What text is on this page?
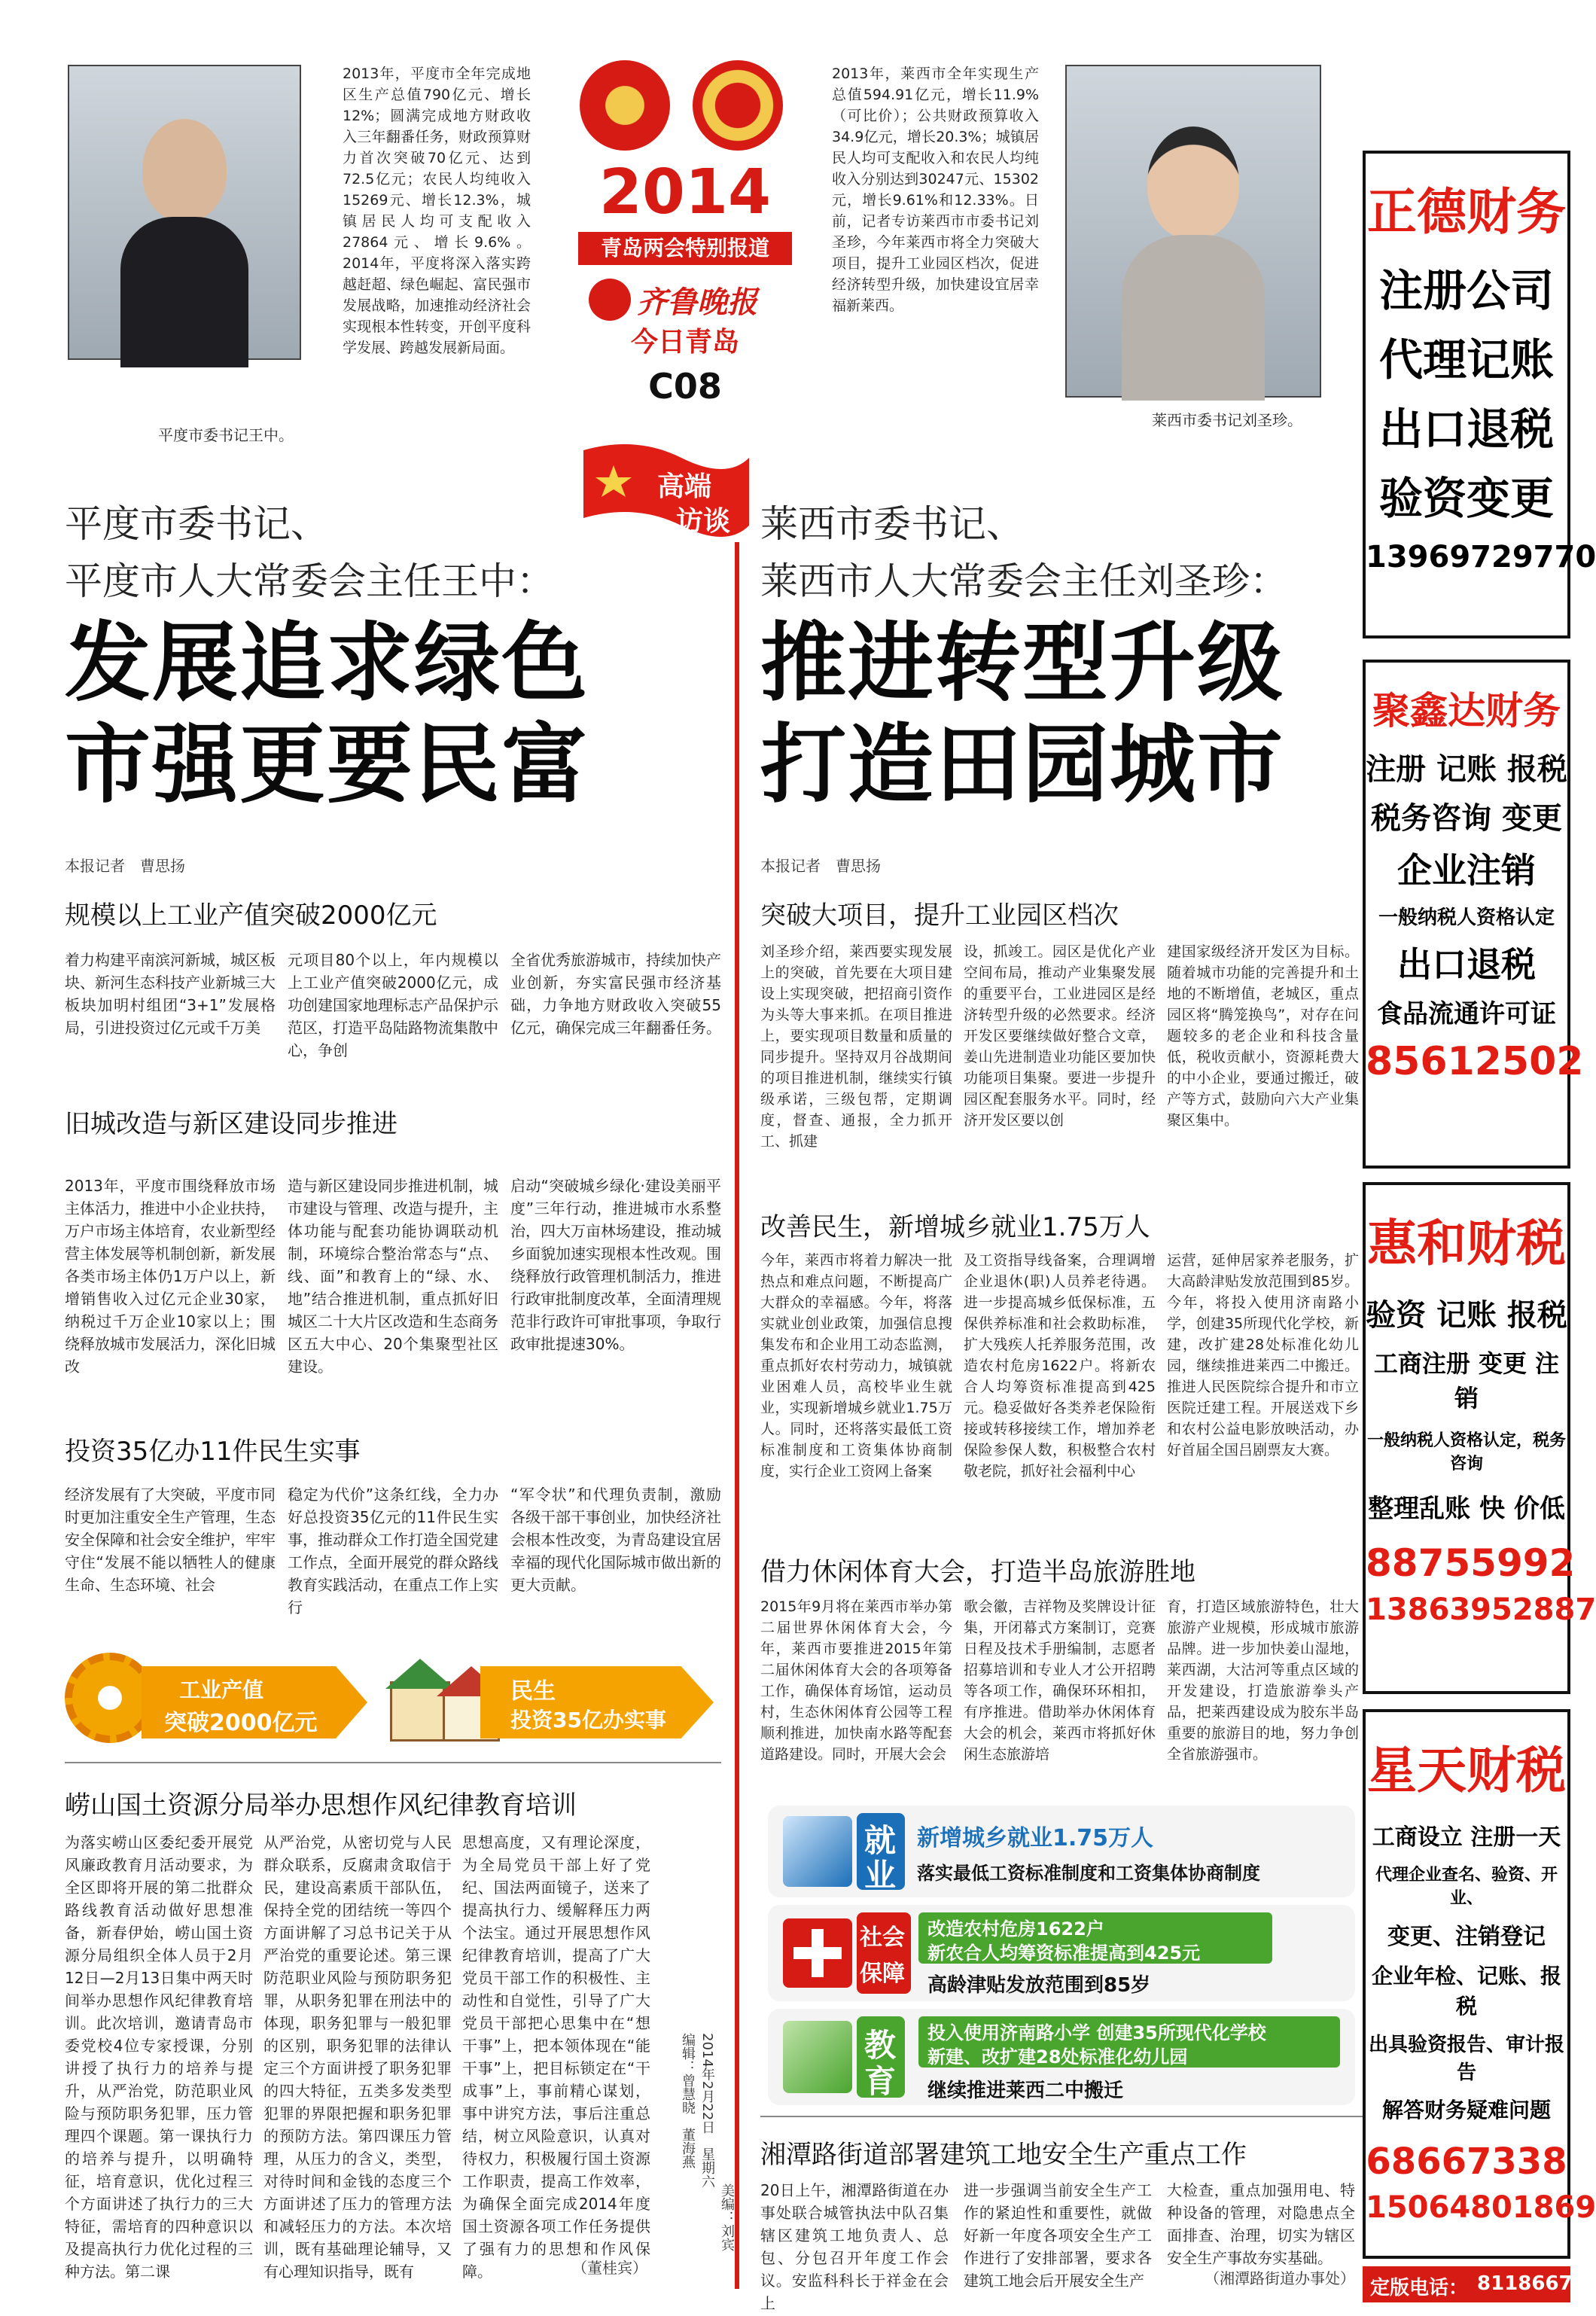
平度市委书记王中。
2013年，平度市全年完成地区生产总值790亿元、增长12%；圆满完成地方财政收入三年翻番任务，财政预算财力首次突破70亿元、达到72.5亿元；农民人均纯收入15269元、增长12.3%，城镇居民人均可支配收入27864元、增长9.6%。2014年，平度将深入落实跨越赶超、绿色崛起、富民强市发展战略，加速推动经济社会实现根本性转变，开创平度科学发展、跨越发展新局面。
2014
青岛两会特别报道
齐鲁晚报
今日青岛
C08
2013年，莱西市全年实现生产总值594.91亿元，增长11.9%（可比价）；公共财政预算收入34.9亿元，增长20.3%；城镇居民人均可支配收入和农民人均纯收入分别达到30247元、15302元，增长9.61%和12.33%。日前，记者专访莱西市市委书记刘圣珍，今年莱西市将全力突破大项目，提升工业园区档次，促进经济转型升级，加快建设宜居幸福新莱西。
莱西市委书记刘圣珍。
高端
访谈
平度市委书记、
平度市人大常委会主任王中：
发展追求绿色
市强更要民富
本报记者　曹思扬
规模以上工业产值突破2000亿元
着力构建平南滨河新城，城区板块、新河生态科技产业新城三大板块加明村组团“3+1”发展格局，引进投资过亿元或千万美
元项目80个以上，年内规模以上工业产值突破2000亿元，成功创建国家地理标志产品保护示范区，打造平岛陆路物流集散中心，争创
全省优秀旅游城市，持续加快产业创新，夯实富民强市经济基础，力争地方财政收入突破55亿元，确保完成三年翻番任务。
旧城改造与新区建设同步推进
2013年，平度市围绕释放市场主体活力，推进中小企业扶持，万户市场主体培育，农业新型经营主体发展等机制创新，新发展各类市场主体仍1万户以上，新增销售收入过亿元企业30家，纳税过千万企业10家以上；围绕释放城市发展活力，深化旧城改
造与新区建设同步推进机制，城市建设与管理、改造与提升，主体功能与配套功能协调联动机制，环境综合整治常态与“点、线、面”和教育上的“绿、水、地”结合推进机制，重点抓好旧城区二十大片区改造和生态商务区五大中心、20个集聚型社区建设。
启动“突破城乡绿化·建设美丽平度”三年行动，推进城市水系整治，四大万亩林场建设，推动城乡面貌加速实现根本性改观。围绕释放行政管理机制活力，推进行政审批制度改革，全面清理规范非行政许可审批事项，争取行政审批提速30%。
投资35亿办11件民生实事
经济发展有了大突破，平度市同时更加注重安全生产管理，生态安全保障和社会安全维护，牢牢守住“发展不能以牺牲人的健康生命、生态环境、社会
稳定为代价”这条红线，全力办好总投资35亿元的11件民生实事，推动群众工作打造全国党建工作点，全面开展党的群众路线教育实践活动，在重点工作上实行
“军令状”和代理负责制，激励各级干部干事创业，加快经济社会根本性改变，为青岛建设宜居幸福的现代化国际城市做出新的更大贡献。
工业产值
突破2000亿元
民生
投资35亿办实事
崂山国土资源分局举办思想作风纪律教育培训
为落实崂山区委纪委开展党风廉政教育月活动要求，为全区即将开展的第二批群众路线教育活动做好思想准备，新春伊始，崂山国土资源分局组织全体人员于2月12日—2月13日集中两天时间举办思想作风纪律教育培训。此次培训，邀请青岛市委党校4位专家授课，分别讲授了执行力的培养与提升，从严治党，防范职业风险与预防职务犯罪，压力管理四个课题。第一课执行力的培养与提升，以明确特征，培育意识，优化过程三个方面讲述了执行力的三大特征，需培育的四种意识以及提高执行力优化过程的三种方法。第二课
从严治党，从密切党与人民群众联系，反腐肃贪取信于民，建设高素质干部队伍，保持全党的团结统一等四个方面讲解了习总书记关于从严治党的重要论述。第三课防范职业风险与预防职务犯罪，从职务犯罪在刑法中的体现，职务犯罪与一般犯罪的区别，职务犯罪的法律认定三个方面讲授了职务犯罪的四大特征，五类多发类型犯罪的界限把握和职务犯罪的预防方法。第四课压力管理，从压力的含义，类型，对待时间和金钱的态度三个方面讲述了压力的管理方法和减轻压力的方法。本次培训，既有基础理论辅导，又有心理知识指导，既有
思想高度，又有理论深度，为全局党员干部上好了党纪、国法两面镜子，送来了提高执行力、缓解释压力两个法宝。通过开展思想作风纪律教育培训，提高了广大党员干部工作的积极性、主动性和自觉性，引导了广大党员干部把心思集中在“想干事”上，把本领体现在“能干事”上，把目标锁定在“干成事”上，事前精心谋划，事中讲究方法，事后注重总结，树立风险意识，认真对待权力，积极履行国土资源工作职责，提高工作效率，为确保全面完成2014年度国土资源各项工作任务提供了强有力的思想和作风保障。	（董桂宾）
编辑：曾慧晓　董海燕 2014年2月22日　星期六
美编：刘宾
莱西市委书记、
莱西市人大常委会主任刘圣珍：
推进转型升级
打造田园城市
本报记者　曹思扬
突破大项目，提升工业园区档次
刘圣珍介绍，莱西要实现发展上的突破，首先要在大项目建设上实现突破，把招商引资作为头等大事来抓。在项目推进上，要实现项目数量和质量的同步提升。坚持双月谷战期间的项目推进机制，继续实行镇级承诺，三级包帮，定期调度，督查、通报，全力抓开工、抓建
设，抓竣工。园区是优化产业空间布局，推动产业集聚发展的重要平台，工业进园区是经济转型升级的必然要求。经济开发区要继续做好整合文章，姜山先进制造业功能区要加快功能项目集聚。要进一步提升园区配套服务水平。同时，经济开发区要以创
建国家级经济开发区为目标。随着城市功能的完善提升和土地的不断增值，老城区，重点园区将“腾笼换鸟”，对存在问题较多的老企业和科技含量低，税收贡献小，资源耗费大的中小企业，要通过搬迁，破产等方式，鼓励向六大产业集聚区集中。
改善民生，新增城乡就业1.75万人
今年，莱西市将着力解决一批热点和难点问题，不断提高广大群众的幸福感。今年，将落实就业创业政策，加强信息搜集发布和企业用工动态监测，重点抓好农村劳动力，城镇就业困难人员，高校毕业生就业，实现新增城乡就业1.75万人。同时，还将落实最低工资标准制度和工资集体协商制度，实行企业工资网上备案
及工资指导线备案，合理调增企业退休(职)人员养老待遇。进一步提高城乡低保标准，五保供养标准和社会救助标准，扩大残疾人托养服务范围，改造农村危房1622户。将新农合人均筹资标准提高到425元。稳妥做好各类养老保险衔接或转移接续工作，增加养老保险参保人数，积极整合农村敬老院，抓好社会福利中心
运营，延伸居家养老服务，扩大高龄津贴发放范围到85岁。今年，将投入使用济南路小学，创建35所现代化学校，新建，改扩建28处标准化幼儿园，继续推进莱西二中搬迁。推进人民医院综合提升和市立医院迁建工程。开展送戏下乡和农村公益电影放映活动，办好首届全国吕剧票友大赛。
借力休闲体育大会，打造半岛旅游胜地
2015年9月将在莱西市举办第二届世界休闲体育大会，今年，莱西市要推进2015年第二届休闲体育大会的各项筹备工作，确保体育场馆，运动员村，生态休闲体育公园等工程顺利推进，加快南水路等配套道路建设。同时，开展大会会
歌会徽，吉祥物及奖牌设计征集，开闭幕式方案制订，竞赛日程及技术手册编制，志愿者招募培训和专业人才公开招聘等各项工作，确保环环相扣，有序推进。借助举办休闲体育大会的机会，莱西市将抓好休闲生态旅游培
育，打造区域旅游特色，壮大旅游产业规模，形成城市旅游品牌。进一步加快姜山湿地，莱西湖，大沽河等重点区域的开发建设，打造旅游拳头产品，把莱西建设成为胶东半岛重要的旅游目的地，努力争创全省旅游强市。
就
业
新增城乡就业1.75万人
落实最低工资标准制度和工资集体协商制度
社会
保障
改造农村危房1622户
新农合人均筹资标准提高到425元
高龄津贴发放范围到85岁
教
育
投入使用济南路小学 创建35所现代化学校
新建、改扩建28处标准化幼儿园
继续推进莱西二中搬迁
湘潭路街道部署建筑工地安全生产重点工作
20日上午，湘潭路街道在办事处联合城管执法中队召集辖区建筑工地负责人、总包、分包召开年度工作会议。安监科科长于祥金在会上
进一步强调当前安全生产工作的紧迫性和重要性，就做好新一年度各项安全生产工作进行了安排部署，要求各建筑工地会后开展安全生产
大检查，重点加强用电、特种设备的管理，对隐患点全面排查、治理，切实为辖区安全生产事故夯实基础。
（湘潭路街道办事处）
正德财务
注册公司
代理记账
出口退税
验资变更
13969729770
聚鑫达财务
注册 记账 报税
税务咨询 变更
企业注销
一般纳税人资格认定
出口退税
食品流通许可证
85612502
惠和财税
验资 记账 报税
工商注册 变更 注销
一般纳税人资格认定，税务咨询
整理乱账 快 价低
88755992
13863952887
星天财税
工商设立 注册一天
代理企业查名、验资、开业、
变更、注销登记
企业年检、记账、报税
出具验资报告、审计报告
解答财务疑难问题
68667338
15064801869
定版电话： 81186679
